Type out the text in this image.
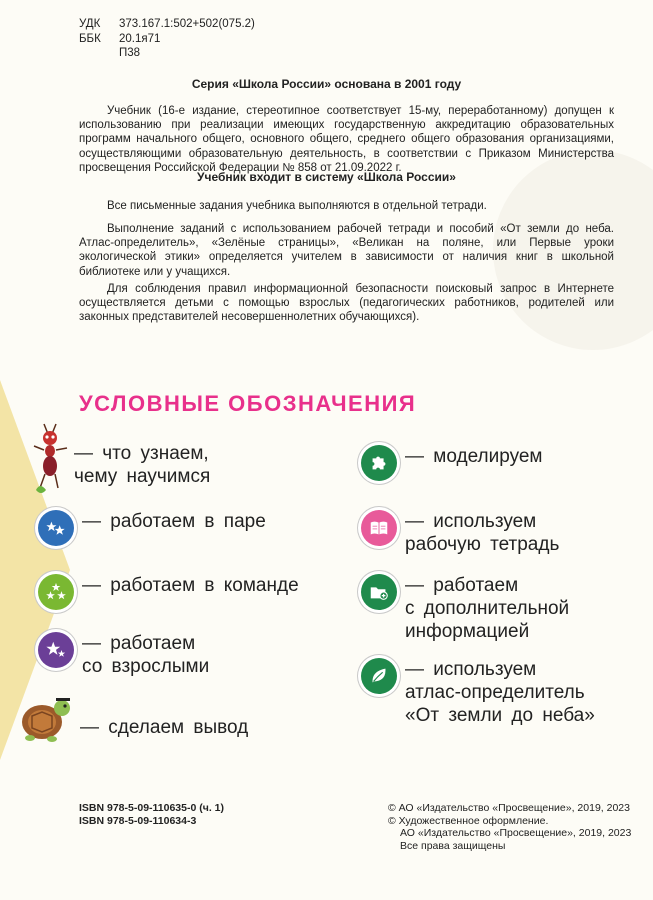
УДК	373.167.1:502+502(075.2)
ББК	20.1я71
П38
Серия «Школа России» основана в 2001 году
Учебник (16-е издание, стереотипное соответствует 15-му, переработанному) допущен к использованию при реализации имеющих государственную аккредитацию образовательных программ начального общего, основного общего, среднего общего образования организациями, осуществляющими образовательную деятельность, в соответствии с Приказом Министерства просвещения Российской Федерации № 858 от 21.09.2022 г.
Учебник входит в систему «Школа России»
Все письменные задания учебника выполняются в отдельной тетради.
Выполнение заданий с использованием рабочей тетради и пособий «От земли до неба. Атлас-определитель», «Зелёные страницы», «Великан на поляне, или Первые уроки экологической этики» определяется учителем в зависимости от наличия книг в школьной библиотеке или у учащихся.
Для соблюдения правил информационной безопасности поисковый запрос в Интернете осуществляется детьми с помощью взрослых (педагогических работников, родителей или законных представителей несовершеннолетних обучающихся).
УСЛОВНЫЕ ОБОЗНАЧЕНИЯ
— что узнаем,
чему научимся
— работаем в паре
— работаем в команде
— работаем
со взрослыми
— сделаем вывод
— моделируем
— используем
рабочую тетрадь
— работаем
с дополнительной
информацией
— используем
атлас-определитель
«От земли до неба»
ISBN 978-5-09-110635-0 (ч. 1)
ISBN 978-5-09-110634-3
© АО «Издательство «Просвещение», 2019, 2023
© Художественное оформление.
АО «Издательство «Просвещение», 2019, 2023
Все права защищены
